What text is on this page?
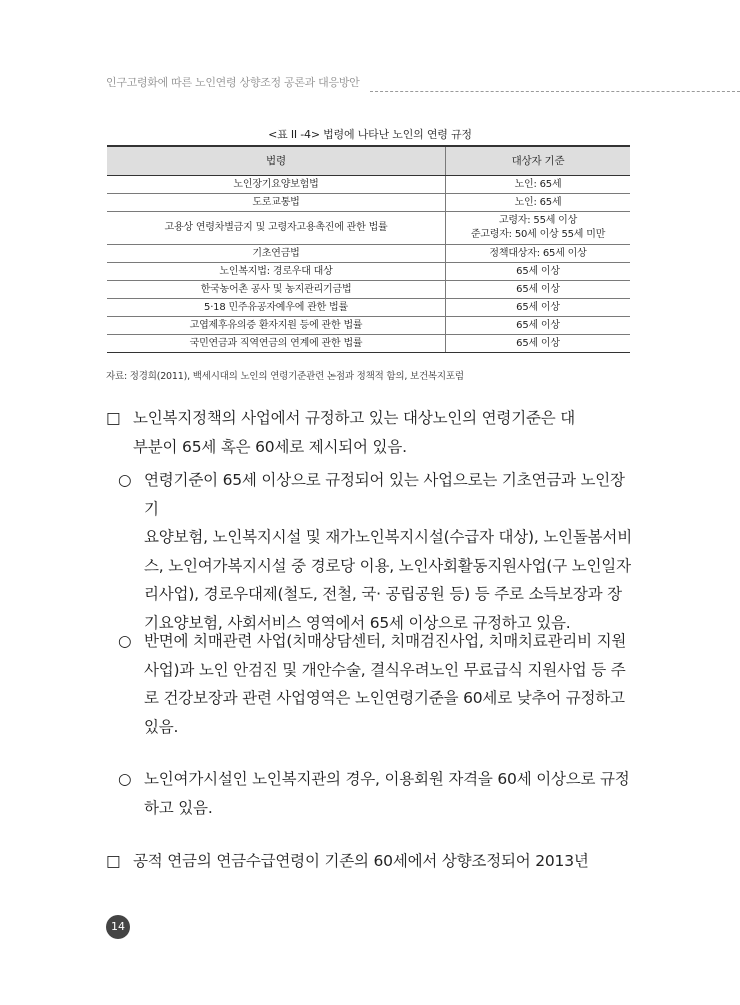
인구고령화에 따른 노인연령 상향조정 공론과 대응방안
<표 II -4> 법령에 나타난 노인의 연령 규정
법령	대상자 기준
노인장기요양보험법	노인: 65세

도로교통법	노인: 65세

고용상 연령차별금지 및 고령자고용촉진에 관한 법률	고령자: 55세 이상
준고령자: 50세 이상 55세 미만

기초연금법	정책대상자: 65세 이상

노인복지법: 경로우대 대상	65세 이상

한국농어촌 공사 및 농지관리기금법	65세 이상

5·18 민주유공자예우에 관한 법률	65세 이상

고엽제후유의증 환자지원 등에 관한 법률	65세 이상

국민연금과 직역연금의 연계에 관한 법률	65세 이상
자료: 정경희(2011), 백세시대의 노인의 연령기준관련 논점과 정책적 함의, 보건복지포럼
□ 노인복지정책의 사업에서 규정하고 있는 대상노인의 연령기준은 대
부분이 65세 혹은 60세로 제시되어 있음.
○ 연령기준이 65세 이상으로 규정되어 있는 사업으로는 기초연금과 노인장기
요양보험, 노인복지시설 및 재가노인복지시설(수급자 대상), 노인돌봄서비
스, 노인여가복지시설 중 경로당 이용, 노인사회활동지원사업(구 노인일자
리사업), 경로우대제(철도, 전철, 국· 공립공원 등) 등 주로 소득보장과 장
기요양보험, 사회서비스 영역에서 65세 이상으로 규정하고 있음.
○ 반면에 치매관련 사업(치매상담센터, 치매검진사업, 치매치료관리비 지원
사업)과 노인 안검진 및 개안수술, 결식우려노인 무료급식 지원사업 등 주
로 건강보장과 관련 사업영역은 노인연령기준을 60세로 낮추어 규정하고
있음.
○ 노인여가시설인 노인복지관의 경우, 이용회원 자격을 60세 이상으로 규정
하고 있음.
□ 공적 연금의 연금수급연령이 기존의 60세에서 상향조정되어 2013년
14
